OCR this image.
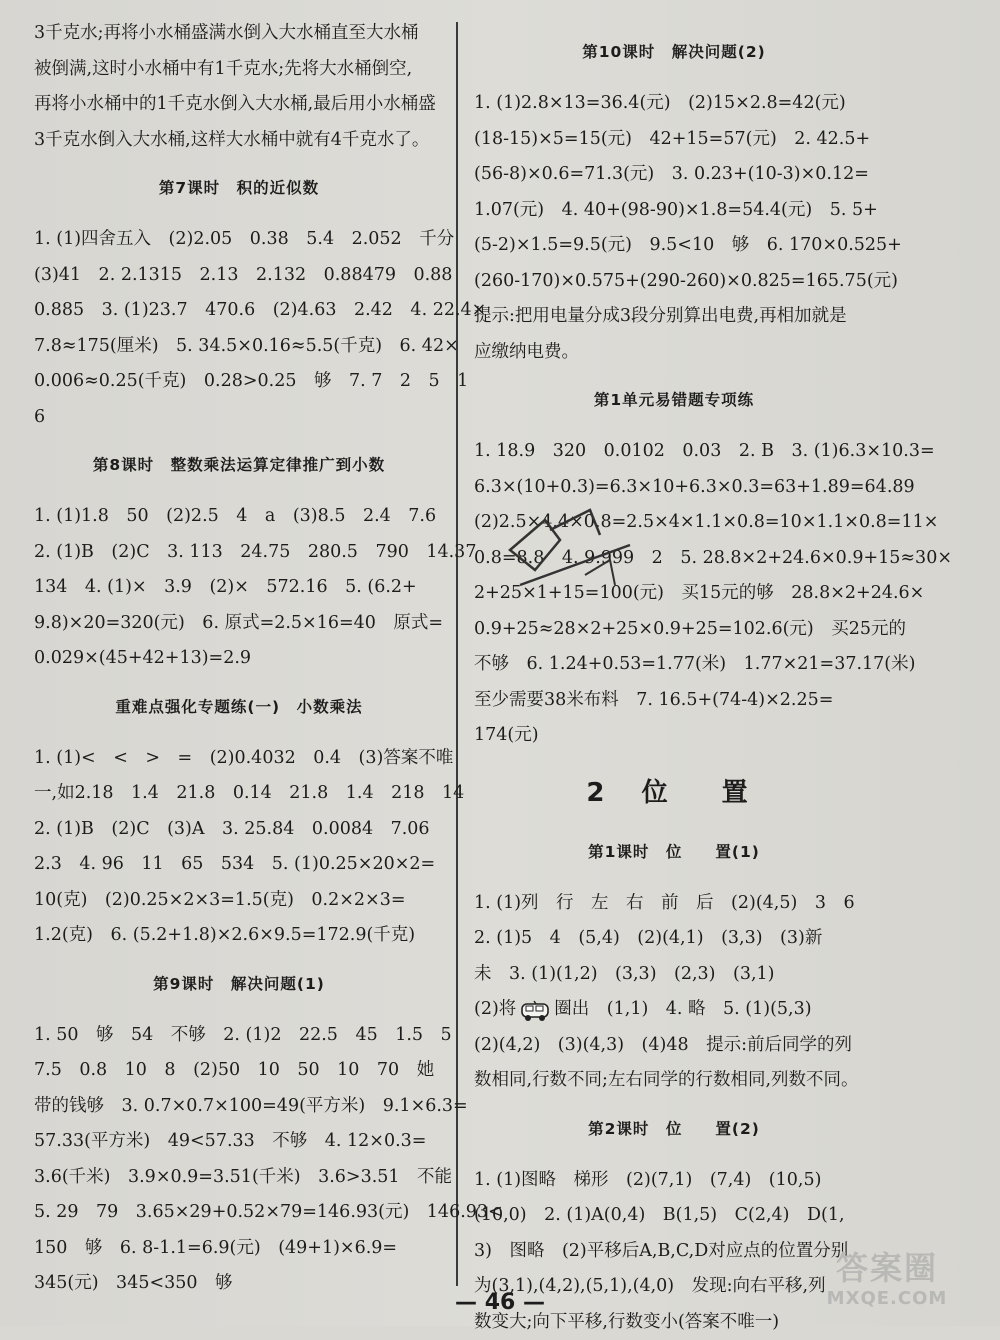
3千克水;再将小水桶盛满水倒入大水桶直至大水桶
被倒满,这时小水桶中有1千克水;先将大水桶倒空,
再将小水桶中的1千克水倒入大水桶,最后用小水桶盛
3千克水倒入大水桶,这样大水桶中就有4千克水了。
第7课时　积的近似数
1. (1)四舍五入　(2)2.05　0.38　5.4　2.052　千分
(3)41　2. 2.1315　2.13　2.132　0.88479　0.88
0.885　3. (1)23.7　470.6　(2)4.63　2.42　4. 22.4×
7.8≈175(厘米)　5. 34.5×0.16≈5.5(千克)　6. 42×
0.006≈0.25(千克)　0.28>0.25　够　7. 7　2　5　1
6
第8课时　整数乘法运算定律推广到小数
1. (1)1.8　50　(2)2.5　4　a　(3)8.5　2.4　7.6
2. (1)B　(2)C　3. 113　24.75　280.5　790　14.37
134　4. (1)×　3.9　(2)×　572.16　5. (6.2+
9.8)×20=320(元)　6. 原式=2.5×16=40　原式=
0.029×(45+42+13)=2.9
重难点强化专题练(一)　小数乘法
1. (1)<　<　>　=　(2)0.4032　0.4　(3)答案不唯
一,如2.18　1.4　21.8　0.14　21.8　1.4　218　14
2. (1)B　(2)C　(3)A　3. 25.84　0.0084　7.06
2.3　4. 96　11　65　534　5. (1)0.25×20×2=
10(克)　(2)0.25×2×3=1.5(克)　0.2×2×3=
1.2(克)　6. (5.2+1.8)×2.6×9.5=172.9(千克)
第9课时　解决问题(1)
1. 50　够　54　不够　2. (1)2　22.5　45　1.5　5
7.5　0.8　10　8　(2)50　10　50　10　70　她
带的钱够　3. 0.7×0.7×100=49(平方米)　9.1×6.3=
57.33(平方米)　49<57.33　不够　4. 12×0.3=
3.6(千米)　3.9×0.9=3.51(千米)　3.6>3.51　不能
5. 29　79　3.65×29+0.52×79=146.93(元)　146.93<
150　够　6. 8-1.1=6.9(元)　(49+1)×6.9=
345(元)　345<350　够
第10课时　解决问题(2)
1. (1)2.8×13=36.4(元)　(2)15×2.8=42(元)
(18-15)×5=15(元)　42+15=57(元)　2. 42.5+
(56-8)×0.6=71.3(元)　3. 0.23+(10-3)×0.12=
1.07(元)　4. 40+(98-90)×1.8=54.4(元)　5. 5+
(5-2)×1.5=9.5(元)　9.5<10　够　6. 170×0.525+
(260-170)×0.575+(290-260)×0.825=165.75(元)
提示:把用电量分成3段分别算出电费,再相加就是
应缴纳电费。
第1单元易错题专项练
1. 18.9　320　0.0102　0.03　2. B　3. (1)6.3×10.3=
6.3×(10+0.3)=6.3×10+6.3×0.3=63+1.89=64.89
(2)2.5×4.4×0.8=2.5×4×1.1×0.8=10×1.1×0.8=11×
0.8=8.8　4. 9.999　2　5. 28.8×2+24.6×0.9+15≈30×
2+25×1+15=100(元)　买15元的够　28.8×2+24.6×
0.9+25≈28×2+25×0.9+25=102.6(元)　买25元的
不够　6. 1.24+0.53=1.77(米)　1.77×21=37.17(米)
至少需要38米布料　7. 16.5+(74-4)×2.25=
174(元)
2 位　置
第1课时　位　　置(1)
1. (1)列　行　左　右　前　后　(2)(4,5)　3　6
2. (1)5　4　(5,4)　(2)(4,1)　(3,3)　(3)新
未　3. (1)(1,2)　(3,3)　(2,3)　(3,1)
(2)将 圈出　(1,1)　4. 略　5. (1)(5,3)
(2)(4,2)　(3)(4,3)　(4)48　提示:前后同学的列
数相同,行数不同;左右同学的行数相同,列数不同。
第2课时　位　　置(2)
1. (1)图略　梯形　(2)(7,1)　(7,4)　(10,5)
(10,0)　2. (1)A(0,4)　B(1,5)　C(2,4)　D(1,
3)　图略　(2)平移后A,B,C,D对应点的位置分别
为(3,1),(4,2),(5,1),(4,0)　发现:向右平移,列
数变大;向下平移,行数变小(答案不唯一)
— 46 —
答案圈
MXQE.COM
